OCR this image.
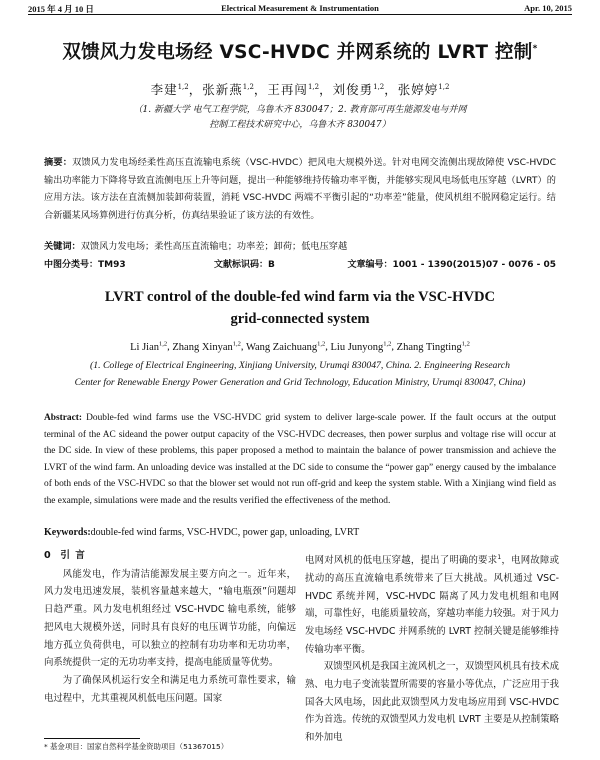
2015 年 4 月 10 日	Electrical Measurement & Instrumentation	Apr. 10, 2015
双馈风力发电场经 VSC-HVDC 并网系统的 LVRT 控制*
李建$^{1,2}$，张新燕$^{1,2}$，王再闯$^{1,2}$，刘俊勇$^{1,2}$，张婷婷$^{1,2}$
（1. 新疆大学 电气工程学院，乌鲁木齐 830047；2. 教育部可再生能源发电与并网
控制工程技术研究中心，乌鲁木齐 830047）
摘要：双馈风力发电场经柔性高压直流输电系统（VSC-HVDC）把风电大规模外送。针对电网交流侧出现故障使 VSC-HVDC 输出功率能力下降将导致直流侧电压上升等问题，提出一种能够维持传输功率平衡，并能够实现风电场低电压穿越（LVRT）的应用方法。该方法在直流侧加装卸荷装置，消耗 VSC-HVDC 两端不平衡引起的“功率差”能量，使风机组不脱网稳定运行。结合新疆某风场算例进行仿真分析，仿真结果验证了该方法的有效性。
关键词：双馈风力发电场；柔性高压直流输电；功率差；卸荷；低电压穿越
中图分类号：TM93	文献标识码：B	文章编号：1001 - 1390(2015)07 - 0076 - 05
LVRT control of the double-fed wind farm via the VSC-HVDC
grid-connected system
Li Jian$^{1,2}$, Zhang Xinyan$^{1,2}$, Wang Zaichuang$^{1,2}$, Liu Junyong$^{1,2}$, Zhang Tingting$^{1,2}$
(1. College of Electrical Engineering, Xinjiang University, Urumqi 830047, China. 2. Engineering Research
Center for Renewable Energy Power Generation and Grid Technology, Education Ministry, Urumqi 830047, China)
Abstract: Double-fed wind farms use the VSC-HVDC grid system to deliver large-scale power. If the fault occurs at the output terminal of the AC sideand the power output capacity of the VSC-HVDC decreases, then power surplus and voltage rise will occur at the DC side. In view of these problems, this paper proposed a method to maintain the balance of power transmission and achieve the LVRT of the wind farm. An unloading device was installed at the DC side to consume the “power gap” energy caused by the imbalance of both ends of the VSC-HVDC so that the blower set would not run off-grid and keep the system stable. With a Xinjiang wind field as the example, simulations were made and the results verified the effectiveness of the method.
Keywords:double-fed wind farms, VSC-HVDC, power gap, unloading, LVRT
0 引 言

风能发电，作为清洁能源发展主要方向之一。近年来，风力发电迅速发展，装机容量越来越大，“输电瓶颈”问题却日趋严重。风力发电机组经过 VSC-HVDC 输电系统，能够把风电大规模外送，同时具有良好的电压调节功能，向偏远地方孤立负荷供电，可以独立的控制有功功率和无功功率，向系统提供一定的无功功率支持，提高电能质量等优势。

为了确保风机运行安全和满足电力系统可靠性要求，输电过程中，尤其重视风机低电压问题。国家

电网对风机的低电压穿越，提出了明确的要求$^1$，电网故障或扰动的高压直流输电系统带来了巨大挑战。风机通过 VSC-HVDC 系统并网，VSC-HVDC 隔离了风力发电机组和电网端，可靠性好，电能质量较高，穿越功率能力较强。对于风力发电场经 VSC-HVDC 并网系统的 LVRT 控制关键是能够维持传输功率平衡。

双馈型风机是我国主流风机之一，双馈型风机具有技术成熟、电力电子变流装置所需要的容量小等优点，广泛应用于我国各大风电场，因此此双馈型风力发电场应用到 VSC-HVDC 作为首选。传统的双馈型风力发电机 LVRT 主要是从控制策略和外加电

* 基金项目：国家自然科学基金资助项目（51367015）
